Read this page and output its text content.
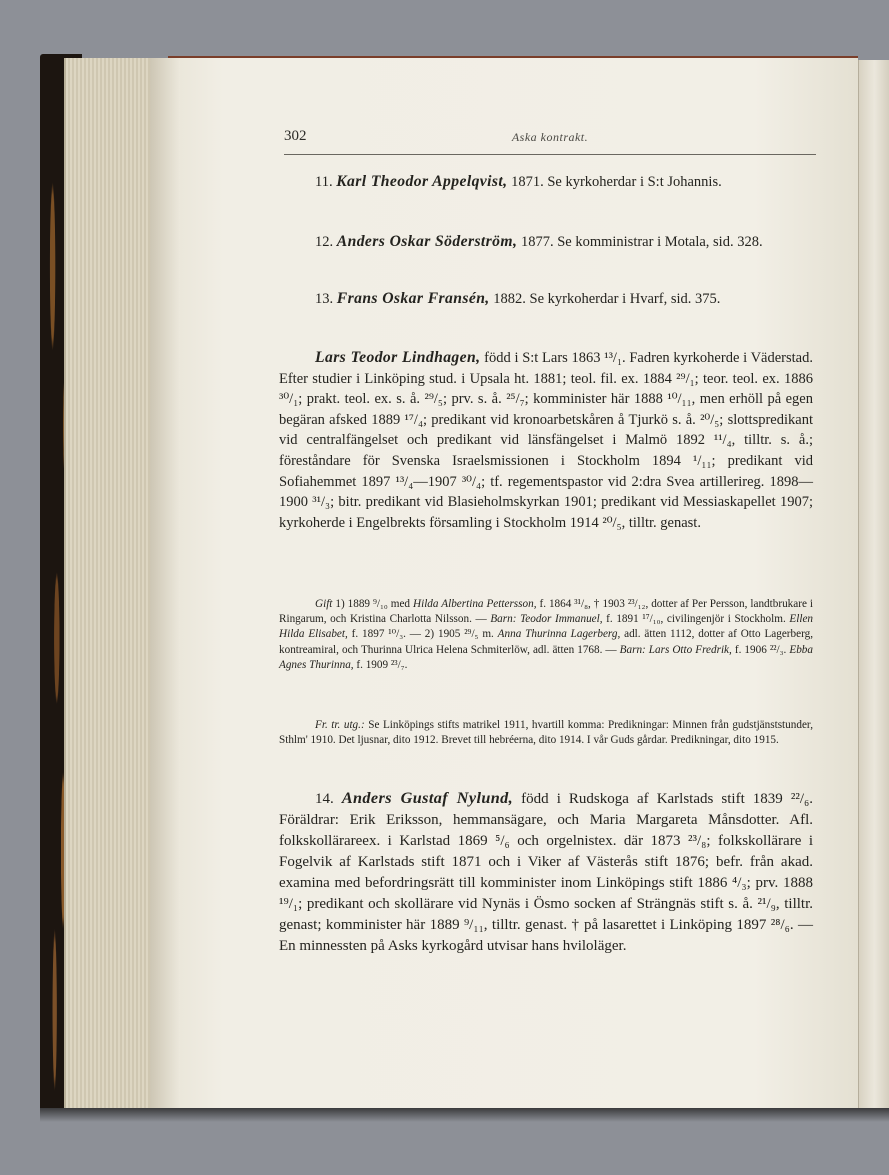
302	Aska kontrakt.

11. Karl Theodor Appelqvist, 1871. Se kyrkoherdar i S:t Johannis.

12. Anders Oskar Söderström, 1877. Se komministrar i Motala, sid. 328.

13. Frans Oskar Fransén, 1882. Se kyrkoherdar i Hvarf, sid. 375.

Lars Teodor Lindhagen, född i S:t Lars 1863 ¹³/₁. Fadren kyrkoherde i Väderstad. Efter studier i Linköping stud. i Upsala ht. 1881; teol. fil. ex. 1884 ²⁹/₁; teor. teol. ex. 1886 ³⁰/₁; prakt. teol. ex. s. å. ²⁹/₅; prv. s. å. ²⁵/₇; komminister här 1888 ¹⁰/₁₁, men erhöll på egen begäran afsked 1889 ¹⁷/₄; predikant vid kronoarbetskåren å Tjurkö s. å. ²⁰/₅; slottspredikant vid centralfängelset och predikant vid länsfängelset i Malmö 1892 ¹¹/₄, tilltr. s. å.; föreståndare för Svenska Israelsmissionen i Stockholm 1894 ¹/₁₁; predikant vid Sofiahemmet 1897 ¹³/₄—1907 ³⁰/₄; tf. regementspastor vid 2:dra Svea artillerireg. 1898—1900 ³¹/₃; bitr. predikant vid Blasieholmskyrkan 1901; predikant vid Messiaskapellet 1907; kyrkoherde i Engelbrekts församling i Stockholm 1914 ²⁰/₅, tilltr. genast.

Gift 1) 1889 ⁹/₁₀ med Hilda Albertina Pettersson, f. 1864 ³¹/₈, † 1903 ²³/₁₂, dotter af Per Persson, landtbrukare i Ringarum, och Kristina Charlotta Nilsson. — Barn: Teodor Immanuel, f. 1891 ¹⁷/₁₀, civilingenjör i Stockholm. Ellen Hilda Elisabet, f. 1897 ¹⁰/₃. — 2) 1905 ²⁹/₅ m. Anna Thurinna Lagerberg, adl. ätten 1112, dotter af Otto Lagerberg, kontreamiral, och Thurinna Ulrica Helena Schmiterlöw, adl. ätten 1768. — Barn: Lars Otto Fredrik, f. 1906 ²²/₃. Ebba Agnes Thurinna, f. 1909 ²³/₇.

Fr. tr. utg.: Se Linköpings stifts matrikel 1911, hvartill komma: Predikningar: Minnen från gudstjänststunder, Sthlm' 1910. Det ljusnar, dito 1912. Brevet till hebréerna, dito 1914. I vår Guds gårdar. Predikningar, dito 1915.

14. Anders Gustaf Nylund, född i Rudskoga af Karlstads stift 1839 ²²/₆. Föräldrar: Erik Eriksson, hemmansägare, och Maria Margareta Månsdotter. Afl. folkskollärareex. i Karlstad 1869 ⁵/₆ och orgelnistex. där 1873 ²³/₈; folkskollärare i Fogelvik af Karlstads stift 1871 och i Viker af Västerås stift 1876; befr. från akad. examina med befordringsrätt till komminister inom Linköpings stift 1886 ⁴/₃; prv. 1888 ¹⁹/₁; predikant och skollärare vid Nynäs i Ösmo socken af Strängnäs stift s. å. ²¹/₉, tilltr. genast; komminister här 1889 ⁹/₁₁, tilltr. genast. † på lasarettet i Linköping 1897 ²⁸/₆. — En minnessten på Asks kyrkogård utvisar hans hviloläger.
